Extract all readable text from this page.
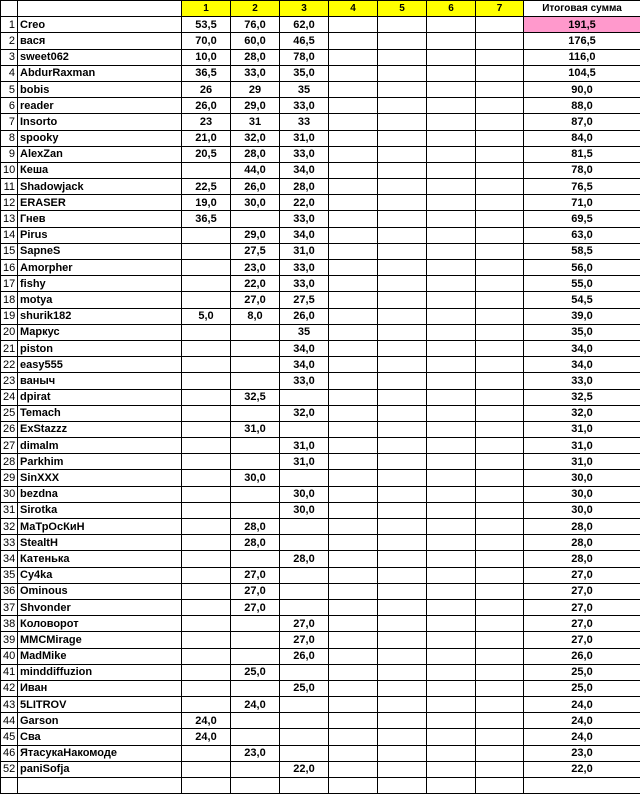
		1	2	3	4	5	6	7	Итоговая сумма
1	Creo	53,5	76,0	62,0					191,5
2	вася	70,0	60,0	46,5					176,5
3	sweet062	10,0	28,0	78,0					116,0
4	AbdurRaxman	36,5	33,0	35,0					104,5
5	bobis	26	29	35					90,0
6	reader	26,0	29,0	33,0					88,0
7	Insorto	23	31	33					87,0
8	spooky	21,0	32,0	31,0					84,0
9	AlexZan	20,5	28,0	33,0					81,5
10	Кеша		44,0	34,0					78,0
11	Shadowjack	22,5	26,0	28,0					76,5
12	ERASER	19,0	30,0	22,0					71,0
13	Гнев	36,5		33,0					69,5
14	Pirus		29,0	34,0					63,0
15	SapneS		27,5	31,0					58,5
16	Amorpher		23,0	33,0					56,0
17	fishy		22,0	33,0					55,0
18	motya		27,0	27,5					54,5
19	shurik182	5,0	8,0	26,0					39,0
20	Маркус			35					35,0
21	piston			34,0					34,0
22	easy555			34,0					34,0
23	ваныч			33,0					33,0
24	dpirat		32,5						32,5
25	Temach			32,0					32,0
26	ExStazzz		31,0						31,0
27	dimalm			31,0					31,0
28	Parkhim			31,0					31,0
29	SinXXX		30,0						30,0
30	bezdna			30,0					30,0
31	Sirotka			30,0					30,0
32	МаТрОсКиН		28,0						28,0
33	StealtH		28,0						28,0
34	Катенька			28,0					28,0
35	Cy4ka		27,0						27,0
36	Ominous		27,0						27,0
37	Shvonder		27,0						27,0
38	Коловорот			27,0					27,0
39	MMCMirage			27,0					27,0
40	MadMike			26,0					26,0
41	minddiffuzion		25,0						25,0
42	Иван			25,0					25,0
43	5LITROV		24,0						24,0
44	Garson	24,0							24,0
45	Сва	24,0							24,0
46	ЯтасукаНакомоде		23,0						23,0
52	paniSofja			22,0					22,0
